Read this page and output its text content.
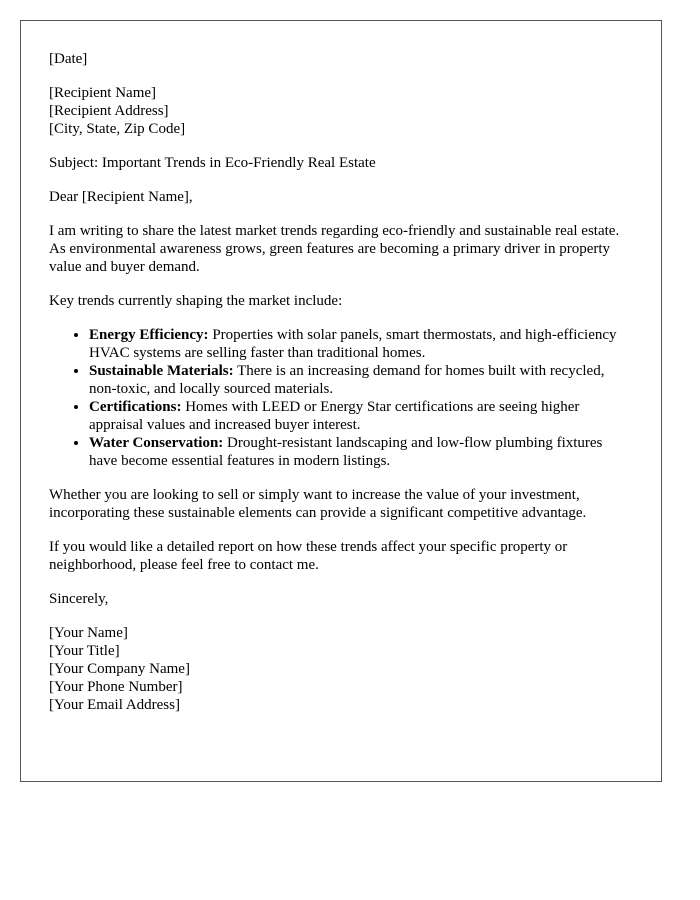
[Date]
[Recipient Name]
[Recipient Address]
[City, State, Zip Code]

Subject: Important Trends in Eco-Friendly Real Estate

Dear [Recipient Name],

I am writing to share the latest market trends regarding eco-friendly and sustainable real estate. As environmental awareness grows, green features are becoming a primary driver in property value and buyer demand.

Key trends currently shaping the market include:

• Energy Efficiency: Properties with solar panels, smart thermostats, and high-efficiency HVAC systems are selling faster than traditional homes.
• Sustainable Materials: There is an increasing demand for homes built with recycled, non-toxic, and locally sourced materials.
• Certifications: Homes with LEED or Energy Star certifications are seeing higher appraisal values and increased buyer interest.
• Water Conservation: Drought-resistant landscaping and low-flow plumbing fixtures have become essential features in modern listings.

Whether you are looking to sell or simply want to increase the value of your investment, incorporating these sustainable elements can provide a significant competitive advantage.

If you would like a detailed report on how these trends affect your specific property or neighborhood, please feel free to contact me.

Sincerely,

[Your Name]
[Your Title]
[Your Company Name]
[Your Phone Number]
[Your Email Address]
